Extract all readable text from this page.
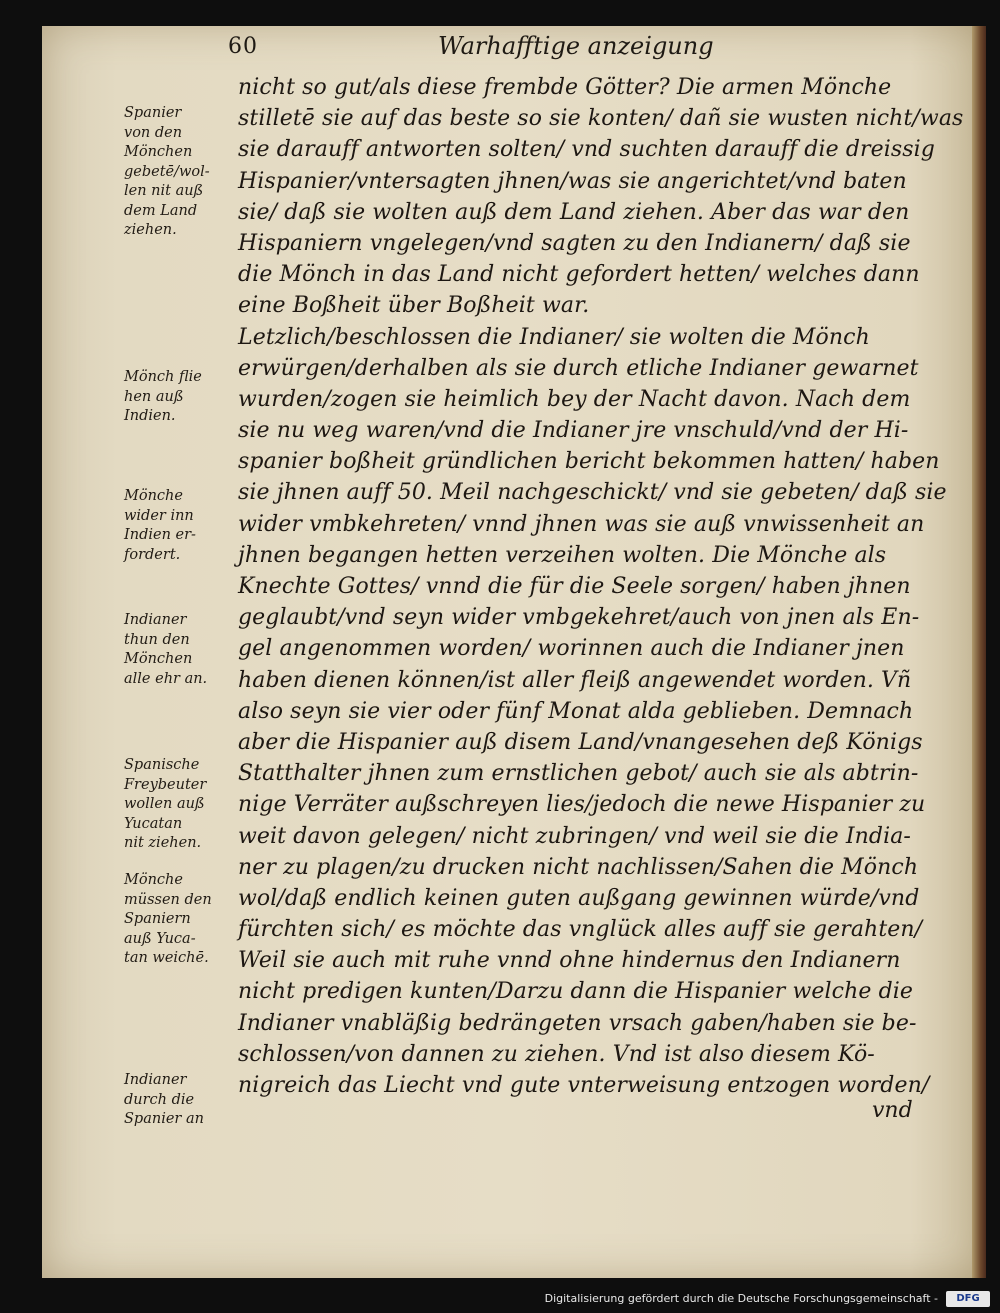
60	Warhafftige anzeigung
Spanier
von den
Mönchen
gebetē/wol-
len nit auß
dem Land
ziehen.
Mönch flie
hen auß
Indien.
Mönche
wider inn
Indien er-
fordert.
Indianer
thun den
Mönchen
alle ehr an.
Spanische
Freybeuter
wollen auß
Yucatan
nit ziehen.
Mönche
müssen den
Spaniern
auß Yuca-
tan weichē.
Indianer
durch die
Spanier an
nicht so gut/als diese frembde Götter? Die armen Mönche
stilletē sie auf das beste so sie konten/ dañ sie wusten nicht/was
sie darauff antworten solten/ vnd suchten darauff die dreissig
Hispanier/vntersagten jhnen/was sie angerichtet/vnd baten
sie/ daß sie wolten auß dem Land ziehen. Aber das war den
Hispaniern vngelegen/vnd sagten zu den Indianern/ daß sie
die Mönch in das Land nicht gefordert hetten/ welches dann
eine Boßheit über Boßheit war.
Letzlich/beschlossen die Indianer/ sie wolten die Mönch
erwürgen/derhalben als sie durch etliche Indianer gewarnet
wurden/zogen sie heimlich bey der Nacht davon. Nach dem
sie nu weg waren/vnd die Indianer jre vnschuld/vnd der Hi-
spanier boßheit gründlichen bericht bekommen hatten/ haben
sie jhnen auff 50. Meil nachgeschickt/ vnd sie gebeten/ daß sie
wider vmbkehreten/ vnnd jhnen was sie auß vnwissenheit an
jhnen begangen hetten verzeihen wolten. Die Mönche als
Knechte Gottes/ vnnd die für die Seele sorgen/ haben jhnen
geglaubt/vnd seyn wider vmbgekehret/auch von jnen als En-
gel angenommen worden/ worinnen auch die Indianer jnen
haben dienen können/ist aller fleiß angewendet worden. Vñ
also seyn sie vier oder fünf Monat alda geblieben. Demnach
aber die Hispanier auß disem Land/vnangesehen deß Königs
Statthalter jhnen zum ernstlichen gebot/ auch sie als abtrin-
nige Verräter außschreyen lies/jedoch die newe Hispanier zu
weit davon gelegen/ nicht zubringen/ vnd weil sie die India-
ner zu plagen/zu drucken nicht nachlissen/Sahen die Mönch
wol/daß endlich keinen guten außgang gewinnen würde/vnd
fürchten sich/ es möchte das vnglück alles auff sie gerahten/
Weil sie auch mit ruhe vnnd ohne hindernus den Indianern
nicht predigen kunten/Darzu dann die Hispanier welche die
Indianer vnabläßig bedrängeten vrsach gaben/haben sie be-
schlossen/von dannen zu ziehen. Vnd ist also diesem Kö-
nigreich das Liecht vnd gute vnterweisung entzogen worden/
vnd
Digitalisierung gefördert durch die Deutsche Forschungsgemeinschaft -	DFG
